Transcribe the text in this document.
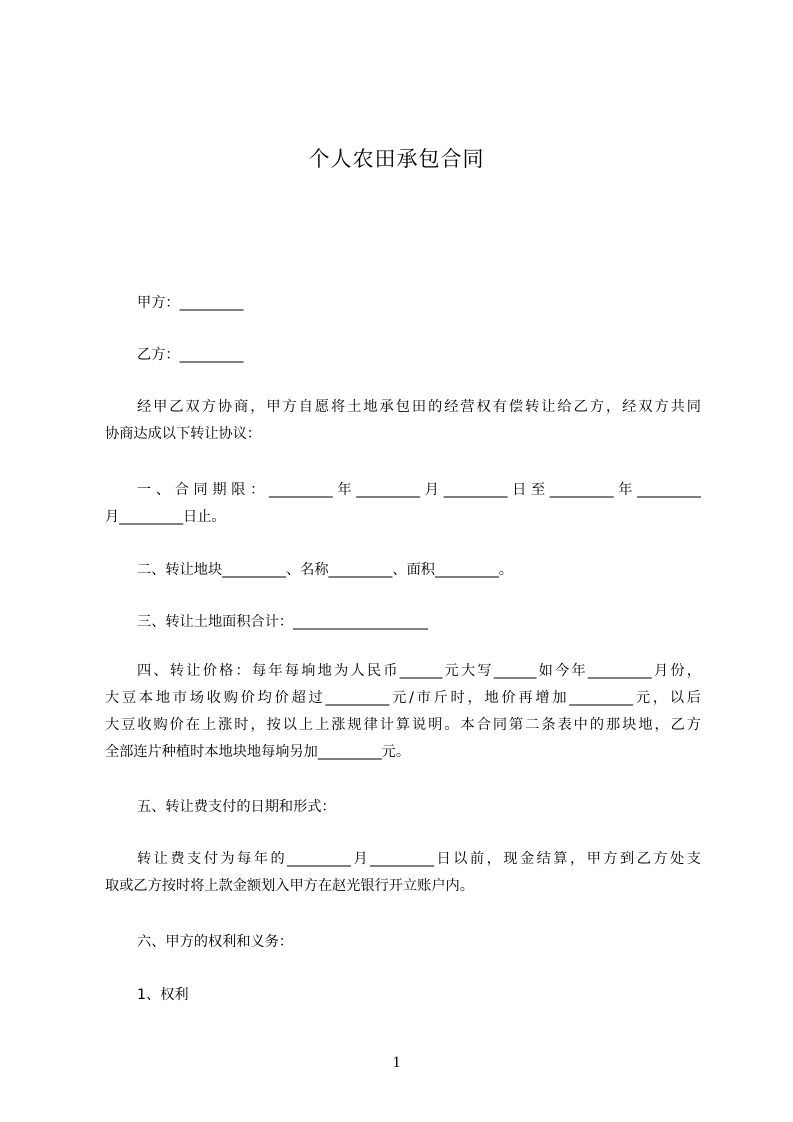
个人农田承包合同
甲方：_________
乙方：_________
经甲乙双方协商，甲方自愿将土地承包田的经营权有偿转让给乙方，经双方共同
协商达成以下转让协议：
一、合同期限：_________年_________月_________日至_________年_________
月_________日止。
二、转让地块_________、名称_________、面积_________。
三、转让土地面积合计：___________________
四、转让价格：每年每垧地为人民币______元大写______如今年_________月份，
大豆本地市场收购价均价超过_________元/市斤时，地价再增加_________元，以后
大豆收购价在上涨时，按以上上涨规律计算说明。本合同第二条表中的那块地，乙方
全部连片种植时本地块地每垧另加_________元。
五、转让费支付的日期和形式：
转让费支付为每年的_________月_________日以前，现金结算，甲方到乙方处支
取或乙方按时将上款金额划入甲方在赵光银行开立账户内。
六、甲方的权利和义务：
1、权利
1
